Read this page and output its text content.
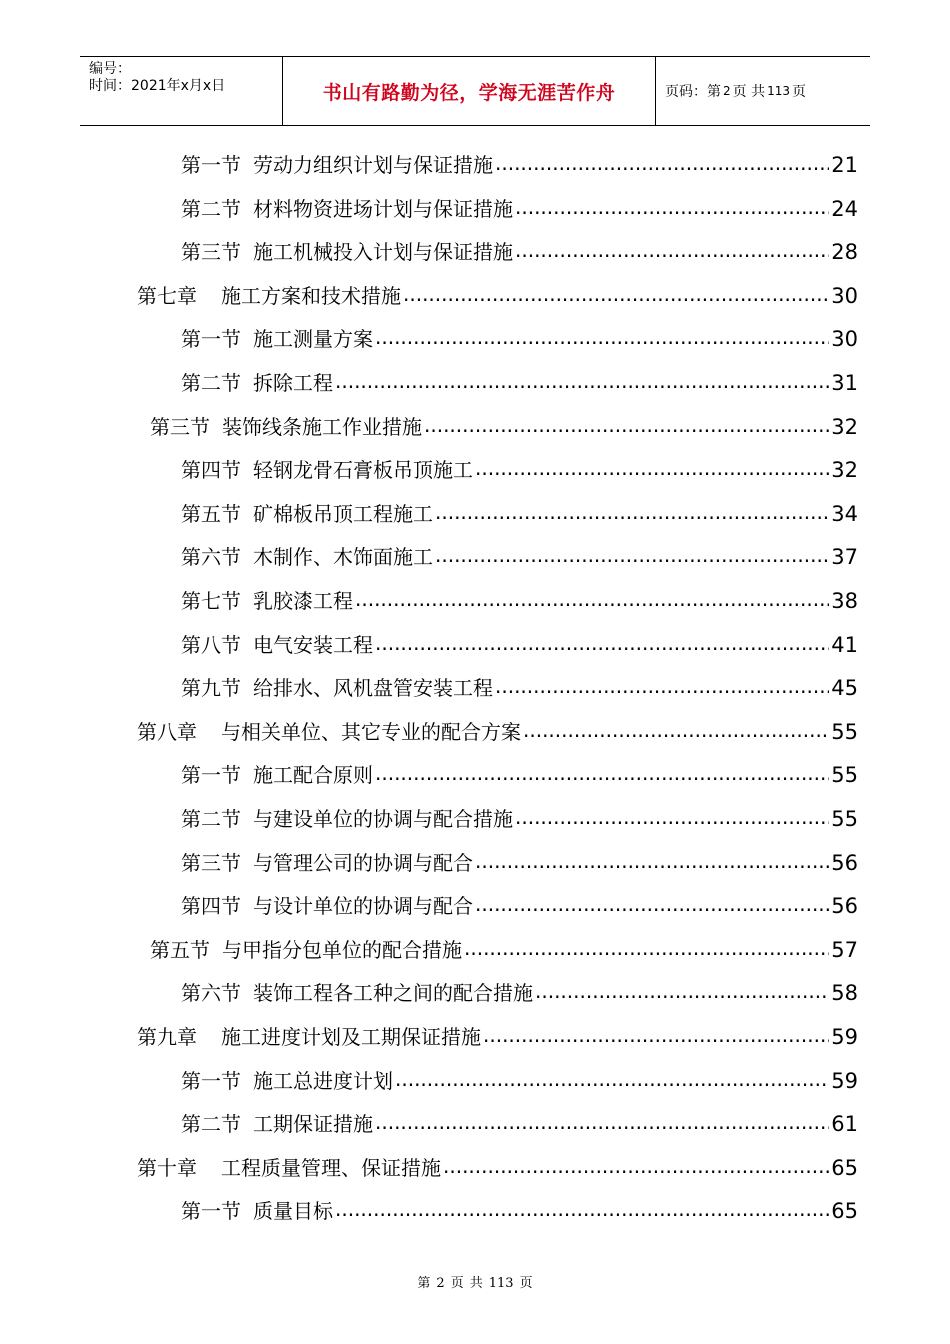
编号：
时间：2021年x月x日	书山有路勤为径，学海无涯苦作舟	页码：第 2 页 共 113 页
第一节 劳动力组织计划与保证措施 .....	21
第二节 材料物资进场计划与保证措施 .....	24
第三节 施工机械投入计划与保证措施 .....	28
第七章 施工方案和技术措施 .....	30
第一节 施工测量方案 .....	30
第二节 拆除工程 .....	31
第三节 装饰线条施工作业措施 .....	32
第四节 轻钢龙骨石膏板吊顶施工 .....	32
第五节 矿棉板吊顶工程施工 .....	34
第六节 木制作、木饰面施工 .....	37
第七节 乳胶漆工程 .....	38
第八节 电气安装工程 .....	41
第九节 给排水、风机盘管安装工程 .....	45
第八章 与相关单位、其它专业的配合方案 .....	55
第一节 施工配合原则 .....	55
第二节 与建设单位的协调与配合措施 .....	55
第三节 与管理公司的协调与配合 .....	56
第四节 与设计单位的协调与配合 .....	56
第五节 与甲指分包单位的配合措施 .....	57
第六节 装饰工程各工种之间的配合措施 .....	58
第九章 施工进度计划及工期保证措施 .....	59
第一节 施工总进度计划 .....	59
第二节 工期保证措施 .....	61
第十章 工程质量管理、保证措施 .....	65
第一节 质量目标 .....	65
第 2 页 共 113 页
